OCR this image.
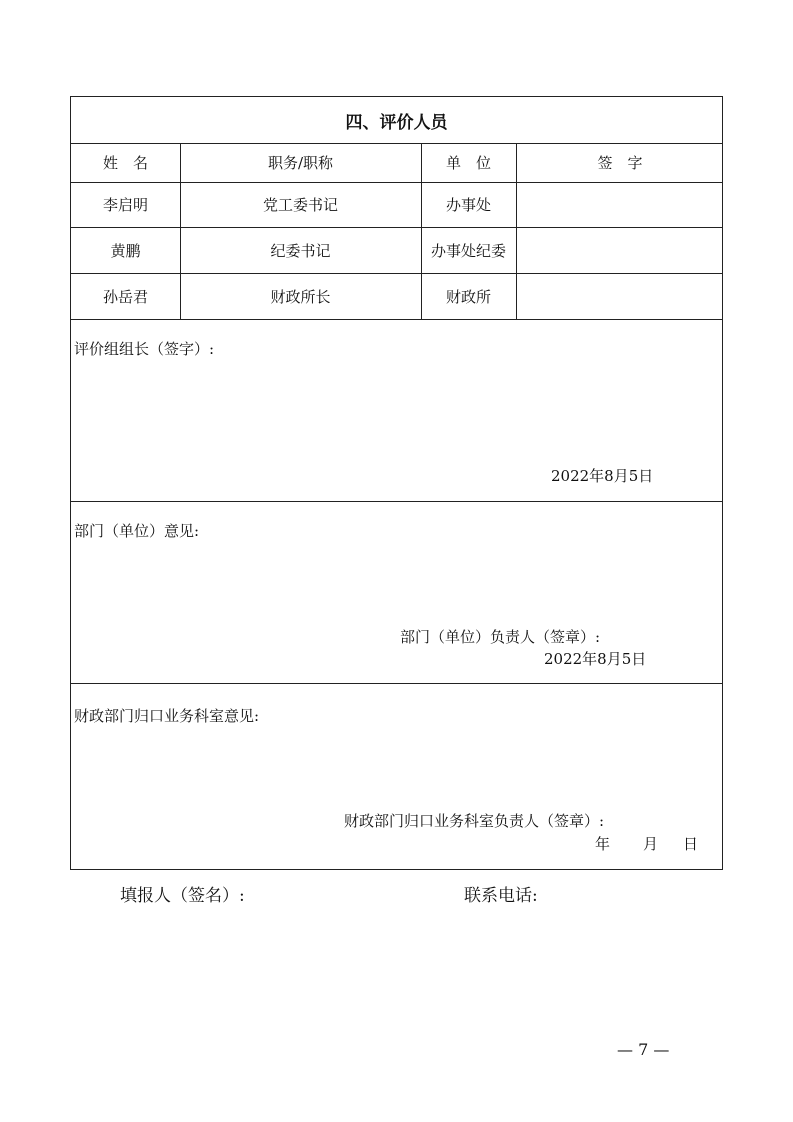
四、评价人员
姓　名	职务/职称	单　位	签　字
李启明	党工委书记	办事处
黄鹏	纪委书记	办事处纪委
孙岳君	财政所长	财政所
评价组组长（签字）:
2022年8月5日
部门（单位）意见:
部门（单位）负责人（签章）:
2022年8月5日
财政部门归口业务科室意见:
财政部门归口业务科室负责人（签章）:
年 月 日
填报人（签名）:	联系电话:
— 7 —
